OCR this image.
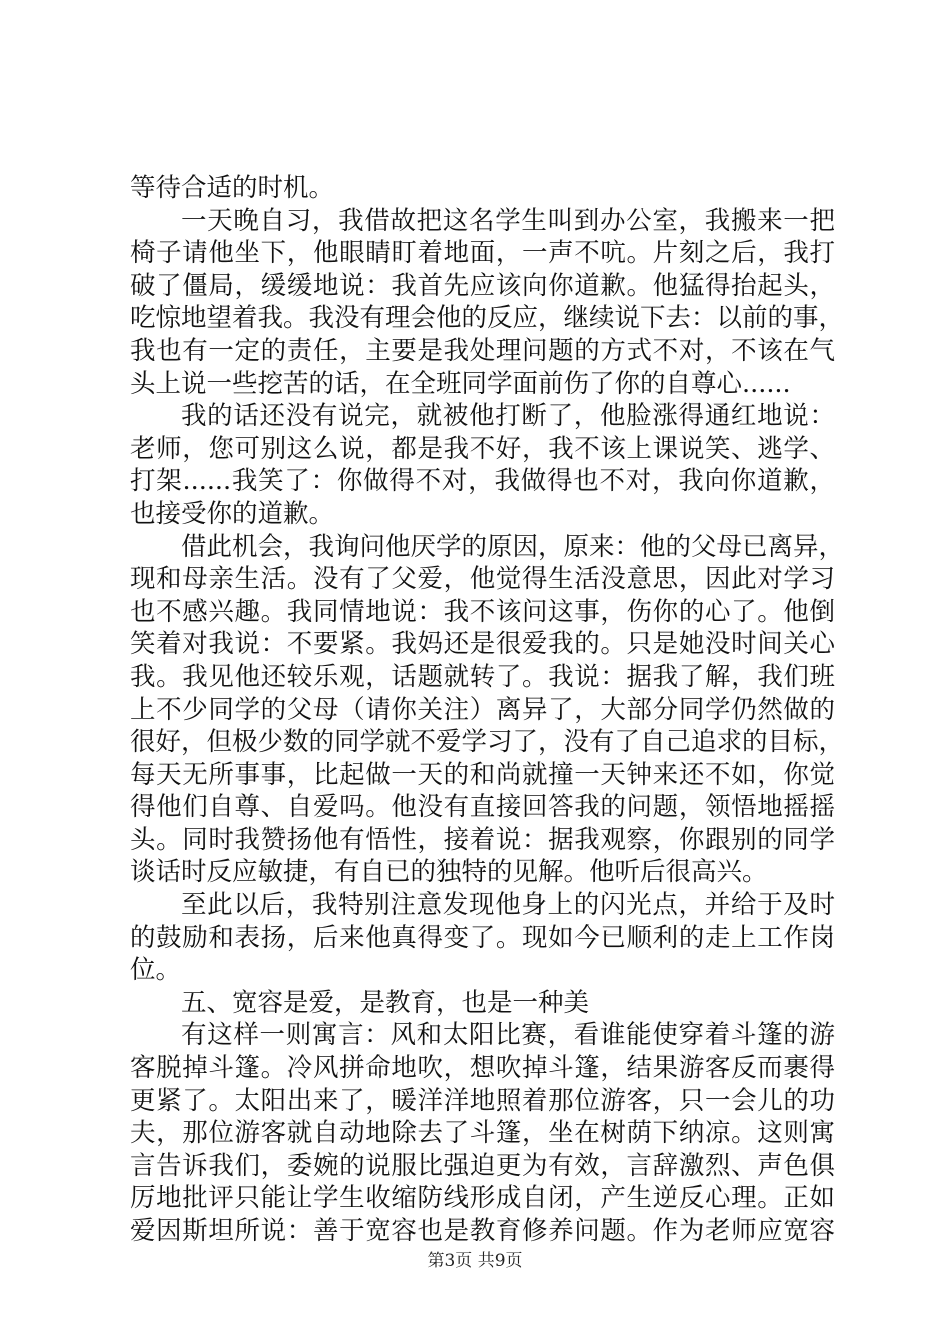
等待合适的时机。
一天晚自习，我借故把这名学生叫到办公室，我搬来一把
椅子请他坐下，他眼睛盯着地面，一声不吭。片刻之后，我打
破了僵局，缓缓地说：我首先应该向你道歉。他猛得抬起头，
吃惊地望着我。我没有理会他的反应，继续说下去：以前的事，
我也有一定的责任，主要是我处理问题的方式不对，不该在气
头上说一些挖苦的话，在全班同学面前伤了你的自尊心......
我的话还没有说完，就被他打断了，他脸涨得通红地说：
老师，您可别这么说，都是我不好，我不该上课说笑、逃学、
打架......我笑了：你做得不对，我做得也不对，我向你道歉，
也接受你的道歉。
借此机会，我询问他厌学的原因，原来：他的父母已离异，
现和母亲生活。没有了父爱，他觉得生活没意思，因此对学习
也不感兴趣。我同情地说：我不该问这事，伤你的心了。他倒
笑着对我说：不要紧。我妈还是很爱我的。只是她没时间关心
我。我见他还较乐观，话题就转了。我说：据我了解，我们班
上不少同学的父母（请你关注）离异了，大部分同学仍然做的
很好，但极少数的同学就不爱学习了，没有了自己追求的目标，
每天无所事事，比起做一天的和尚就撞一天钟来还不如，你觉
得他们自尊、自爱吗。他没有直接回答我的问题，领悟地摇摇
头。同时我赞扬他有悟性，接着说：据我观察，你跟别的同学
谈话时反应敏捷，有自已的独特的见解。他听后很高兴。
至此以后，我特别注意发现他身上的闪光点，并给于及时
的鼓励和表扬，后来他真得变了。现如今已顺利的走上工作岗
位。
五、宽容是爱，是教育，也是一种美
有这样一则寓言：风和太阳比赛，看谁能使穿着斗篷的游
客脱掉斗篷。冷风拼命地吹，想吹掉斗篷，结果游客反而裹得
更紧了。太阳出来了，暖洋洋地照着那位游客，只一会儿的功
夫，那位游客就自动地除去了斗篷，坐在树荫下纳凉。这则寓
言告诉我们，委婉的说服比强迫更为有效，言辞激烈、声色俱
厉地批评只能让学生收缩防线形成自闭，产生逆反心理。正如
爱因斯坦所说：善于宽容也是教育修养问题。作为老师应宽容
第3页 共9页
